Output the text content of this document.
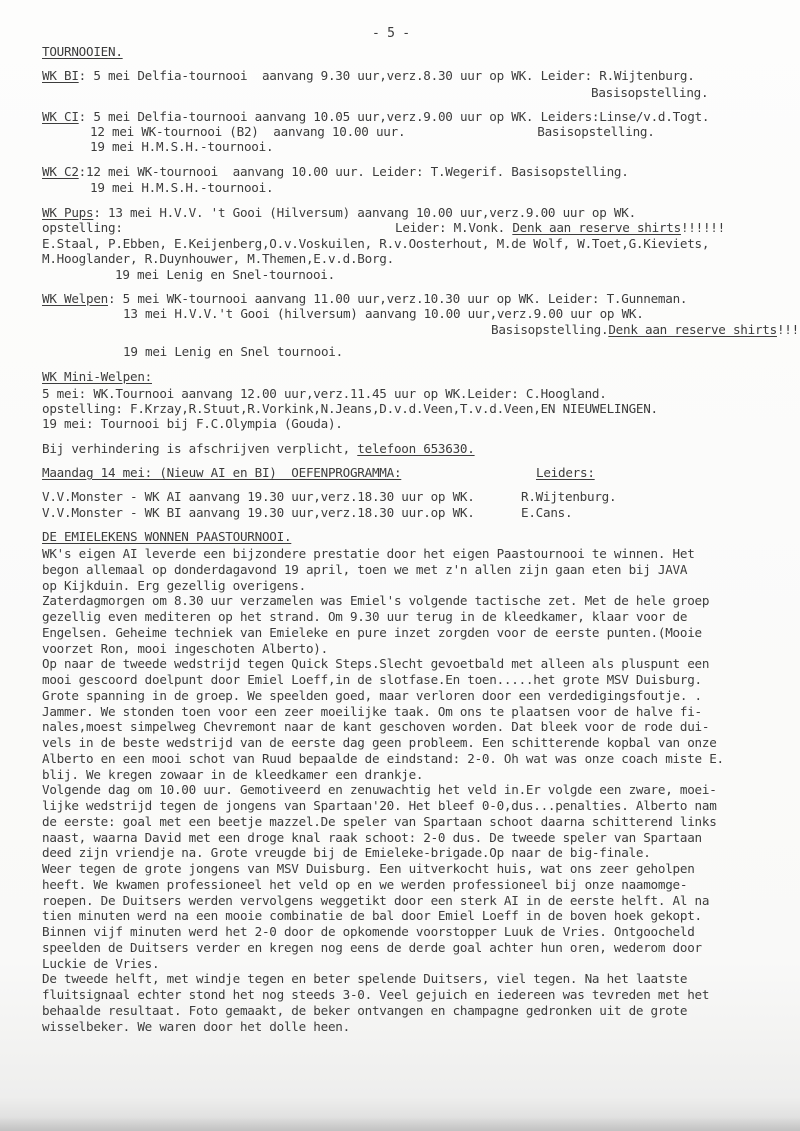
- 5 -
TOURNOOIEN.
WK BI: 5 mei Delfia-tournooi  aanvang 9.30 uur,verz.8.30 uur op WK. Leider: R.Wijtenburg.
Basisopstelling.
WK CI: 5 mei Delfia-tournooi aanvang 10.05 uur,verz.9.00 uur op WK. Leiders:Linse/v.d.Togt.
12 mei WK-tournooi (B2)  aanvang 10.00 uur.                  Basisopstelling.
19 mei H.M.S.H.-tournooi.
WK C2:12 mei WK-tournooi  aanvang 10.00 uur. Leider: T.Wegerif. Basisopstelling.
19 mei H.M.S.H.-tournooi.
WK Pups: 13 mei H.V.V. 't Gooi (Hilversum) aanvang 10.00 uur,verz.9.00 uur op WK.
opstelling:	Leider: M.Vonk. Denk aan reserve shirts!!!!!!
E.Staal, P.Ebben, E.Keijenberg,O.v.Voskuilen, R.v.Oosterhout, M.de Wolf, W.Toet,G.Kieviets,
M.Hooglander, R.Duynhouwer, M.Themen,E.v.d.Borg.
19 mei Lenig en Snel-tournooi.
WK Welpen: 5 mei WK-tournooi aanvang 11.00 uur,verz.10.30 uur op WK. Leider: T.Gunneman.
13 mei H.V.V.'t Gooi (hilversum) aanvang 10.00 uur,verz.9.00 uur op WK.
Basisopstelling.Denk aan reserve shirts!!!
19 mei Lenig en Snel tournooi.
WK Mini-Welpen:
5 mei: WK.Tournooi aanvang 12.00 uur,verz.11.45 uur op WK.Leider: C.Hoogland.
opstelling: F.Krzay,R.Stuut,R.Vorkink,N.Jeans,D.v.d.Veen,T.v.d.Veen,EN NIEUWELINGEN.
19 mei: Tournooi bij F.C.Olympia (Gouda).
Bij verhindering is afschrijven verplicht, telefoon 653630.
Maandag 14 mei: (Nieuw AI en BI)  OEFENPROGRAMMA:	Leiders:
V.V.Monster - WK AI aanvang 19.30 uur,verz.18.30 uur op WK.	R.Wijtenburg.
V.V.Monster - WK BI aanvang 19.30 uur,verz.18.30 uur.op WK.	E.Cans.
DE EMIELEKENS WONNEN PAASTOURNOOI.
WK's eigen AI leverde een bijzondere prestatie door het eigen Paastournooi te winnen. Het
begon allemaal op donderdagavond 19 april, toen we met z'n allen zijn gaan eten bij JAVA
op Kijkduin. Erg gezellig overigens.
Zaterdagmorgen om 8.30 uur verzamelen was Emiel's volgende tactische zet. Met de hele groep
gezellig even mediteren op het strand. Om 9.30 uur terug in de kleedkamer, klaar voor de
Engelsen. Geheime techniek van Emieleke en pure inzet zorgden voor de eerste punten.(Mooie
voorzet Ron, mooi ingeschoten Alberto).
Op naar de tweede wedstrijd tegen Quick Steps.Slecht gevoetbald met alleen als pluspunt een
mooi gescoord doelpunt door Emiel Loeff,in de slotfase.En toen.....het grote MSV Duisburg.
Grote spanning in de groep. We speelden goed, maar verloren door een verdedigingsfoutje. .
Jammer. We stonden toen voor een zeer moeilijke taak. Om ons te plaatsen voor de halve fi-
nales,moest simpelweg Chevremont naar de kant geschoven worden. Dat bleek voor de rode dui-
vels in de beste wedstrijd van de eerste dag geen probleem. Een schitterende kopbal van onze
Alberto en een mooi schot van Ruud bepaalde de eindstand: 2-0. Oh wat was onze coach miste E.
blij. We kregen zowaar in de kleedkamer een drankje.
Volgende dag om 10.00 uur. Gemotiveerd en zenuwachtig het veld in.Er volgde een zware, moei-
lijke wedstrijd tegen de jongens van Spartaan'20. Het bleef 0-0,dus...penalties. Alberto nam
de eerste: goal met een beetje mazzel.De speler van Spartaan schoot daarna schitterend links
naast, waarna David met een droge knal raak schoot: 2-0 dus. De tweede speler van Spartaan
deed zijn vriendje na. Grote vreugde bij de Emieleke-brigade.Op naar de big-finale.
Weer tegen de grote jongens van MSV Duisburg. Een uitverkocht huis, wat ons zeer geholpen
heeft. We kwamen professioneel het veld op en we werden professioneel bij onze naamomge-
roepen. De Duitsers werden vervolgens weggetikt door een sterk AI in de eerste helft. Al na
tien minuten werd na een mooie combinatie de bal door Emiel Loeff in de boven hoek gekopt.
Binnen vijf minuten werd het 2-0 door de opkomende voorstopper Luuk de Vries. Ontgoocheld
speelden de Duitsers verder en kregen nog eens de derde goal achter hun oren, wederom door
Luckie de Vries.
De tweede helft, met windje tegen en beter spelende Duitsers, viel tegen. Na het laatste
fluitsignaal echter stond het nog steeds 3-0. Veel gejuich en iedereen was tevreden met het
behaalde resultaat. Foto gemaakt, de beker ontvangen en champagne gedronken uit de grote
wisselbeker. We waren door het dolle heen.
